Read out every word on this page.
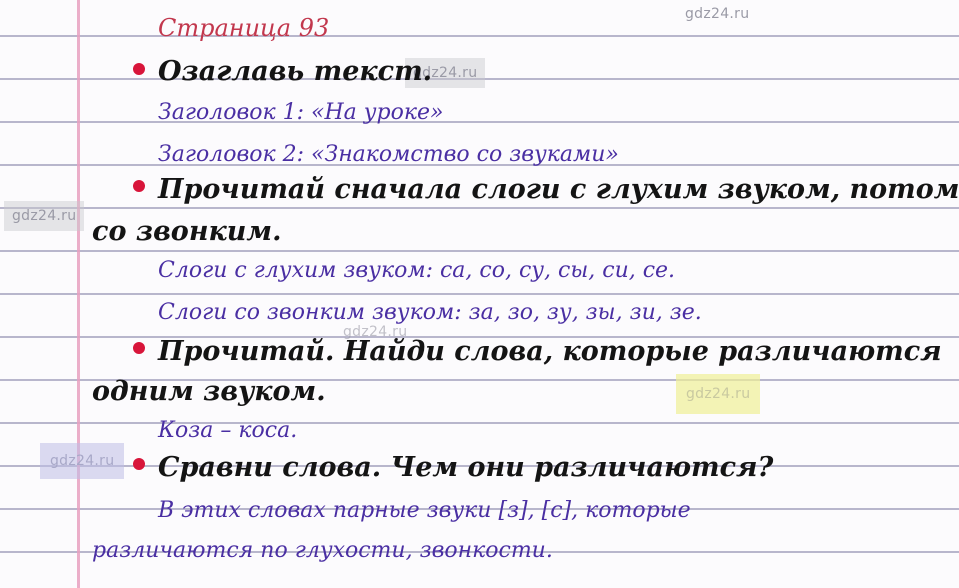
gdz24.ru
gdz24.ru
gdz24.ru
gdz24.ru
gdz24.ru
gdz24.ru
Страница 93
Озаглавь текст.
Заголовок 1: «На уроке»
Заголовок 2: «Знакомство со звуками»
Прочитай сначала слоги с глухим звуком, потом
со звонким.
Слоги с глухим звуком: са, со, су, сы, си, се.
Слоги со звонким звуком: за, зо, зу, зы, зи, зе.
Прочитай. Найди слова, которые различаются
одним звуком.
Коза – коса.
Сравни слова. Чем они различаются?
В этих словах парные звуки [з], [с], которые
различаются по глухости, звонкости.
